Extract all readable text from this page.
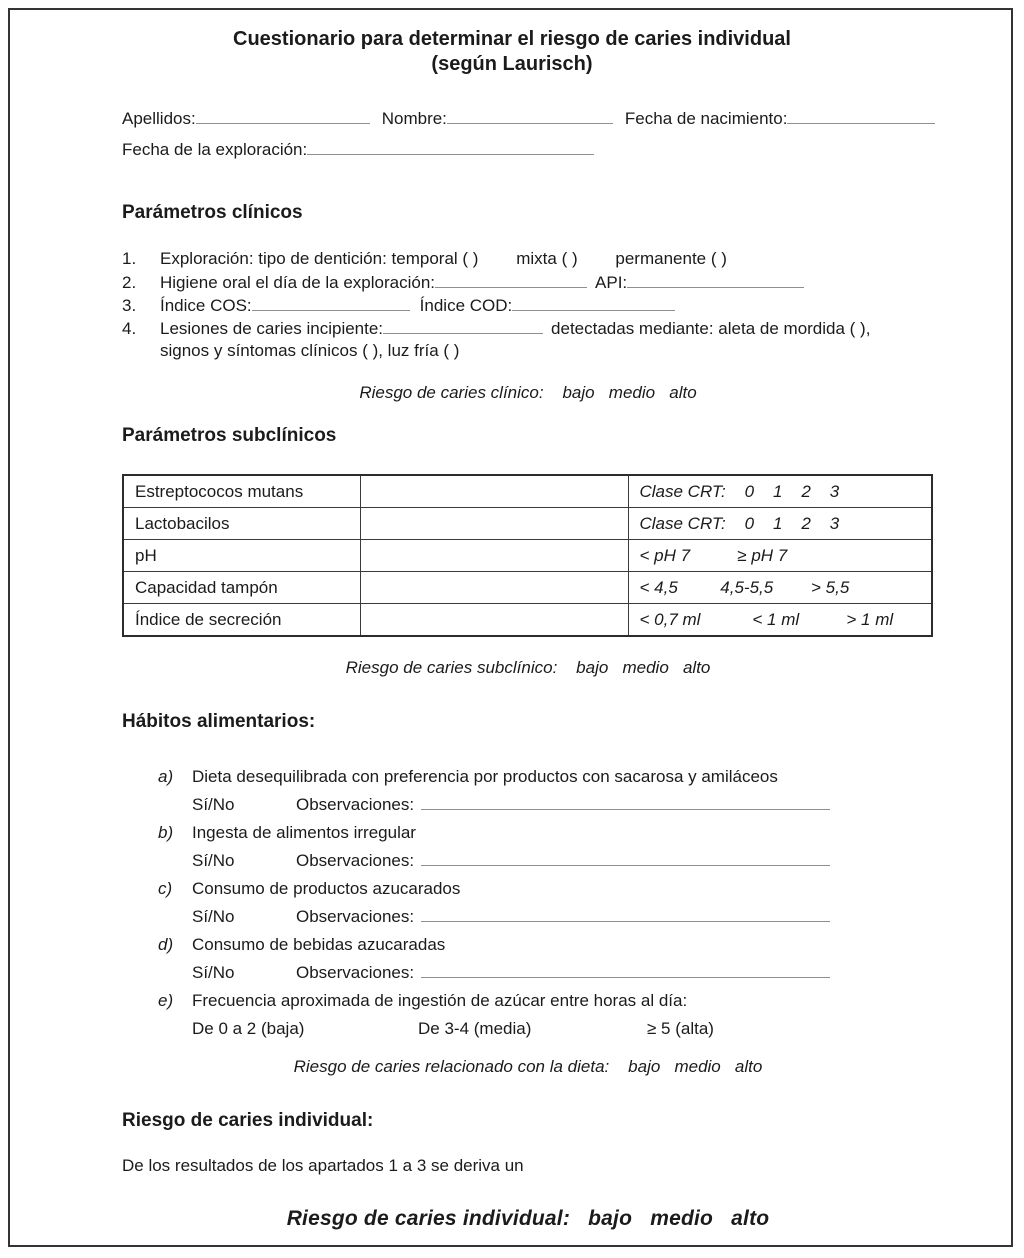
Cuestionario para determinar el riesgo de caries individual
(según Laurisch)
Apellidos:	Nombre:	Fecha de nacimiento:
Fecha de la exploración:
Parámetros clínicos
1.	Exploración: tipo de dentición: temporal ( )        mixta ( )        permanente ( )
2.	Higiene oral el día de la exploración:	API:
3.	Índice COS:	Índice COD:
4.	Lesiones de caries incipiente:	detectadas mediante: aleta de mordida ( ),
signos y síntomas clínicos ( ), luz fría ( )
Riesgo de caries clínico:    bajo   medio   alto
Parámetros subclínicos
Estreptococos mutans		Clase CRT:    0    1    2    3
Lactobacilos		Clase CRT:    0    1    2    3
pH		< pH 7          ≥ pH 7
Capacidad tampón		< 4,5         4,5-5,5        > 5,5
Índice de secreción		< 0,7 ml           < 1 ml          > 1 ml
Riesgo de caries subclínico:    bajo   medio   alto
Hábitos alimentarios:
a)	Dieta desequilibrada con preferencia por productos con sacarosa y amiláceos
Sí/No	Observaciones:
b)	Ingesta de alimentos irregular
Sí/No	Observaciones:
c)	Consumo de productos azucarados
Sí/No	Observaciones:
d)	Consumo de bebidas azucaradas
Sí/No	Observaciones:
e)	Frecuencia aproximada de ingestión de azúcar entre horas al día:
De 0 a 2 (baja)	De 3-4 (media)	≥ 5 (alta)
Riesgo de caries relacionado con la dieta:    bajo   medio   alto
Riesgo de caries individual:

De los resultados de los apartados 1 a 3 se deriva un

Riesgo de caries individual:   bajo   medio   alto
